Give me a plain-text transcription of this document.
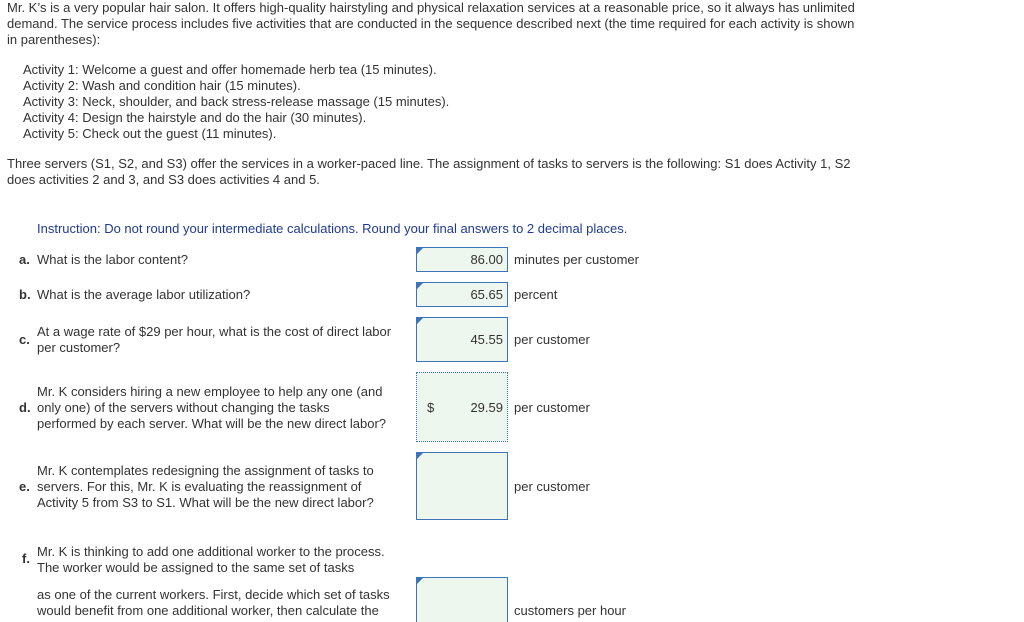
Mr. K’s is a very popular hair salon. It offers high-quality hairstyling and physical relaxation services at a reasonable price, so it always has unlimited demand. The service process includes five activities that are conducted in the sequence described next (the time required for each activity is shown in parentheses):
Activity 1: Welcome a guest and offer homemade herb tea (15 minutes).
Activity 2: Wash and condition hair (15 minutes).
Activity 3: Neck, shoulder, and back stress-release massage (15 minutes).
Activity 4: Design the hairstyle and do the hair (30 minutes).
Activity 5: Check out the guest (11 minutes).
Three servers (S1, S2, and S3) offer the services in a worker-paced line. The assignment of tasks to servers is the following: S1 does Activity 1, S2 does activities 2 and 3, and S3 does activities 4 and 5.
Instruction: Do not round your intermediate calculations. Round your final answers to 2 decimal places.
a. What is the labor content?	86.00 minutes per customer
b. What is the average labor utilization?	65.65 percent
c.
At a wage rate of $29 per hour, what is the cost of direct labor
per customer?
45.55 per customer
d.
Mr. K considers hiring a new employee to help any one (and
only one) of the servers without changing the tasks
performed by each server. What will be the new direct labor?
29.59
$	per customer
e.
Mr. K contemplates redesigning the assignment of tasks to
servers. For this, Mr. K is evaluating the reassignment of
Activity 5 from S3 to S1. What will be the new direct labor?
per customer
f. Mr. K is thinking to add one additional worker to the process.
The worker would be assigned to the same set of tasks
as one of the current workers. First, decide which set of tasks
would benefit from one additional worker, then calculate the	customers per hour
